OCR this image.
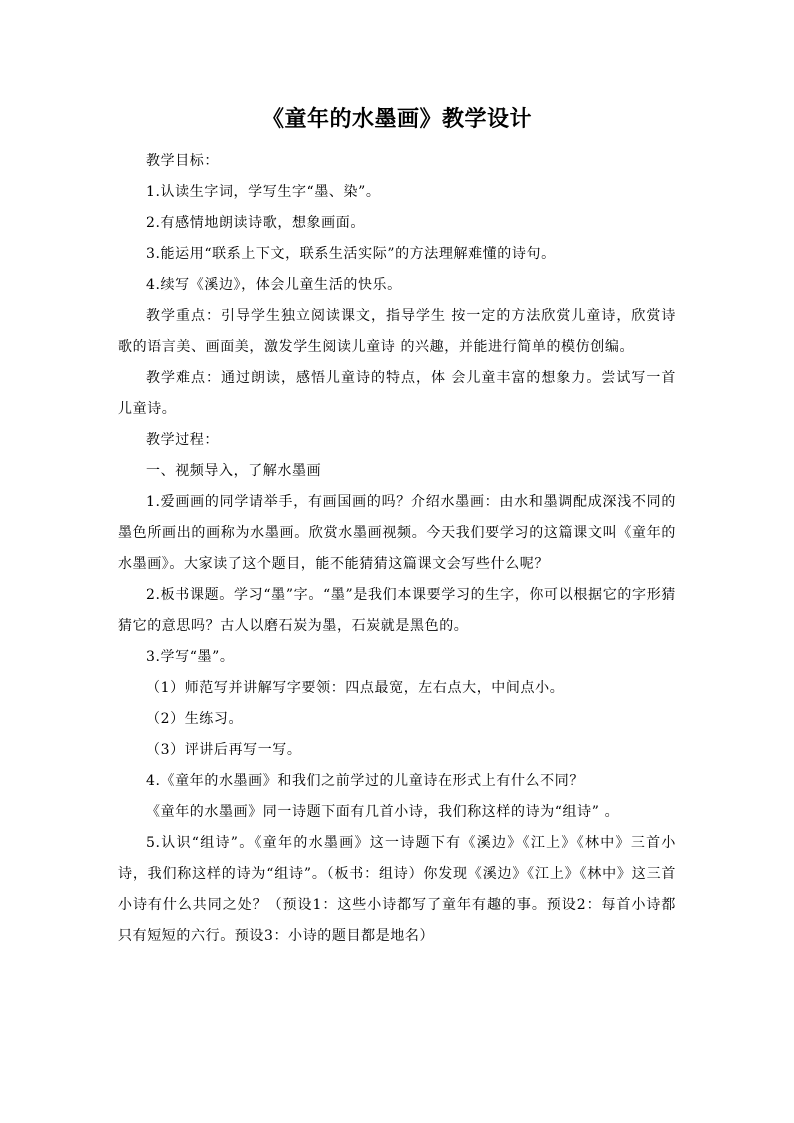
《童年的水墨画》教学设计

教学目标：

1.认读生字词，学写生字“墨、染”。

2.有感情地朗读诗歌，想象画面。

3.能运用“联系上下文，联系生活实际”的方法理解难懂的诗句。

4.续写《溪边》，体会儿童生活的快乐。

教学重点：引导学生独立阅读课文，指导学生 按一定的方法欣赏儿童诗，欣赏诗歌的语言美、画面美，激发学生阅读儿童诗 的兴趣，并能进行简单的模仿创编。

教学难点：通过朗读，感悟儿童诗的特点，体 会儿童丰富的想象力。尝试写一首儿童诗。

教学过程：

一、视频导入，了解水墨画

1.爱画画的同学请举手，有画国画的吗？介绍水墨画：由水和墨调配成深浅不同的墨色所画出的画称为水墨画。欣赏水墨画视频。今天我们要学习的这篇课文叫《童年的水墨画》。大家读了这个题目，能不能猜猜这篇课文会写些什么呢？

2.板书课题。学习“墨”字。“墨”是我们本课要学习的生字，你可以根据它的字形猜猜它的意思吗？古人以磨石炭为墨，石炭就是黑色的。

3.学写“墨”。

（1）师范写并讲解写字要领：四点最宽，左右点大，中间点小。

（2）生练习。

（3）评讲后再写一写。

4.《童年的水墨画》和我们之前学过的儿童诗在形式上有什么不同？

《童年的水墨画》同一诗题下面有几首小诗，我们称这样的诗为“组诗” 。

5.认识“组诗”。《童年的水墨画》这一诗题下有《溪边》《江上》《林中》三首小诗，我们称这样的诗为“组诗”。（板书：组诗）你发现《溪边》《江上》《林中》这三首小诗有什么共同之处？（预设1：这些小诗都写了童年有趣的事。预设2：每首小诗都只有短短的六行。预设3：小诗的题目都是地名）
